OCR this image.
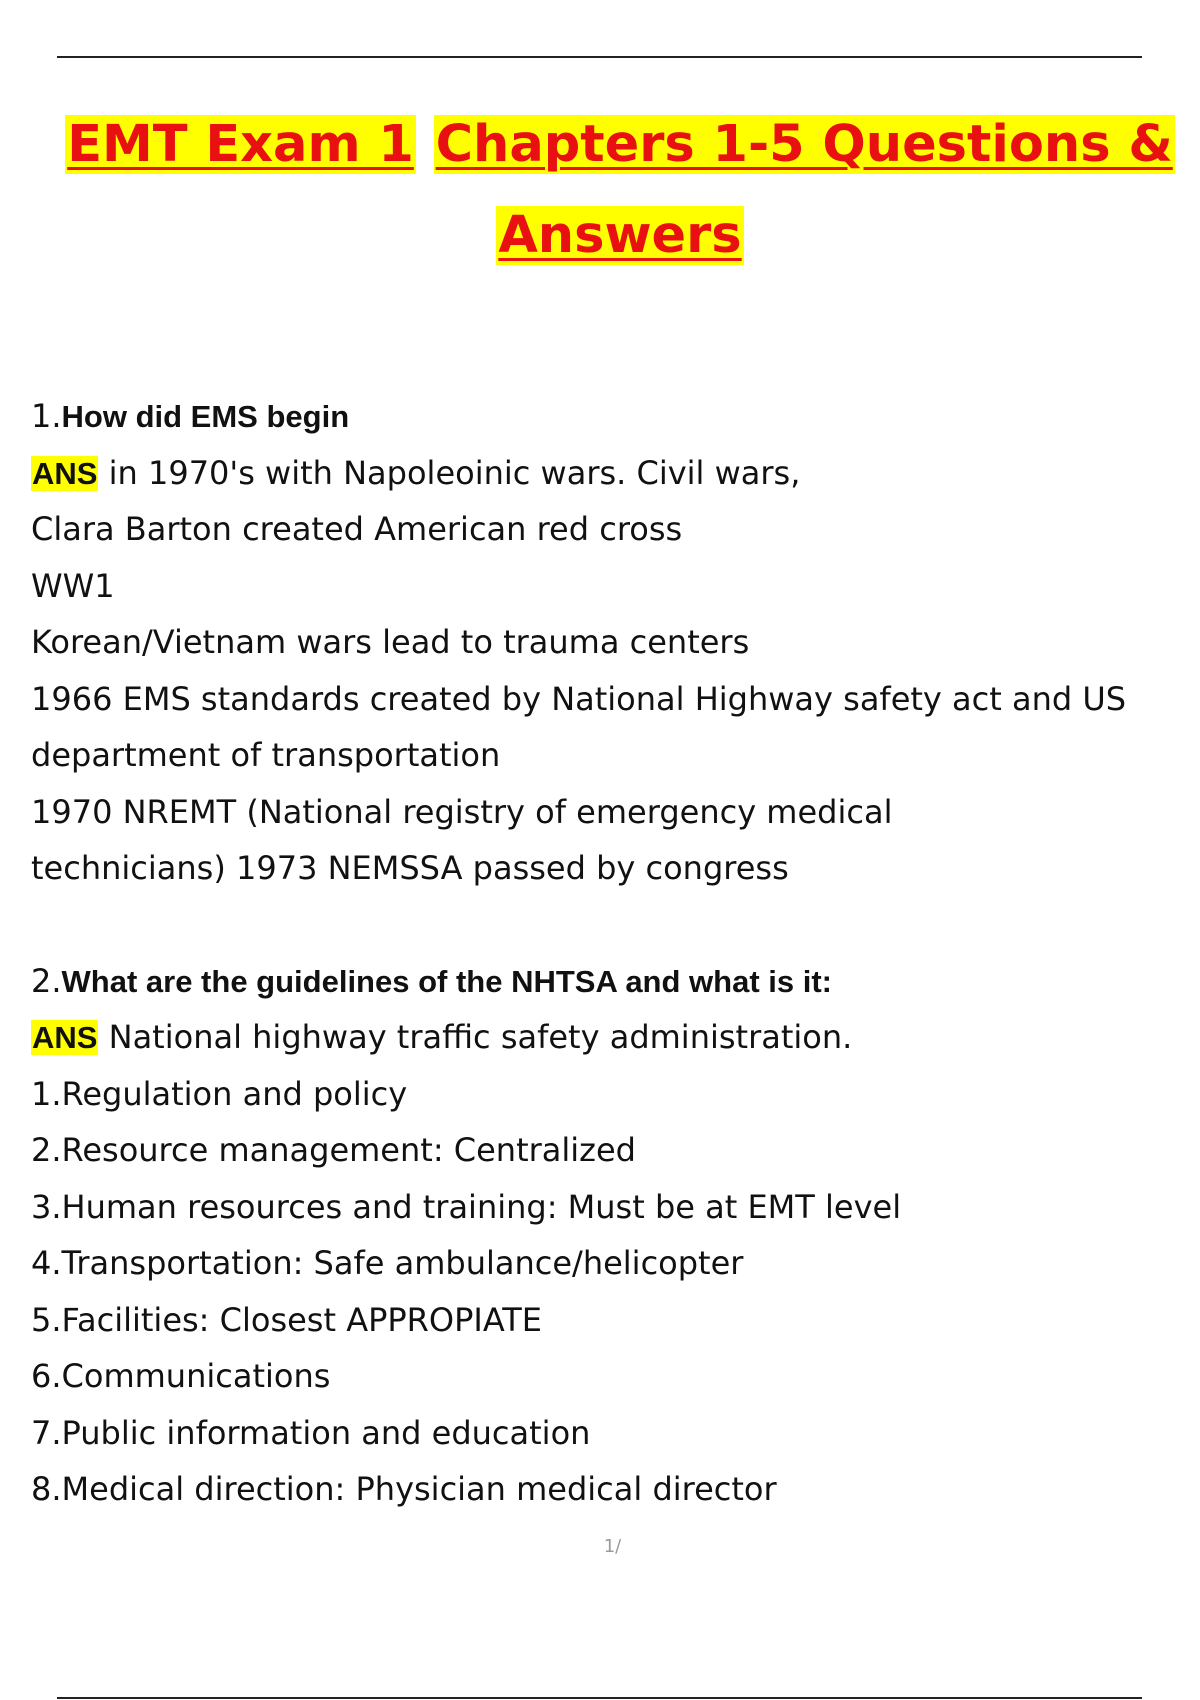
EMT Exam 1 Chapters 1-5 Questions &
Answers
1.How did EMS begin
ANS in 1970's with Napoleoinic wars. Civil wars,
Clara Barton created American red cross
WW1
Korean/Vietnam wars lead to trauma centers
1966 EMS standards created by National Highway safety act and US
department of transportation
1970 NREMT (National registry of emergency medical
technicians) 1973 NEMSSA passed by congress
2.What are the guidelines of the NHTSA and what is it:
ANS National highway traffic safety administration.
1.Regulation and policy
2.Resource management: Centralized
3.Human resources and training: Must be at EMT level
4.Transportation: Safe ambulance/helicopter
5.Facilities: Closest APPROPIATE
6.Communications
7.Public information and education
8.Medical direction: Physician medical director
1/
